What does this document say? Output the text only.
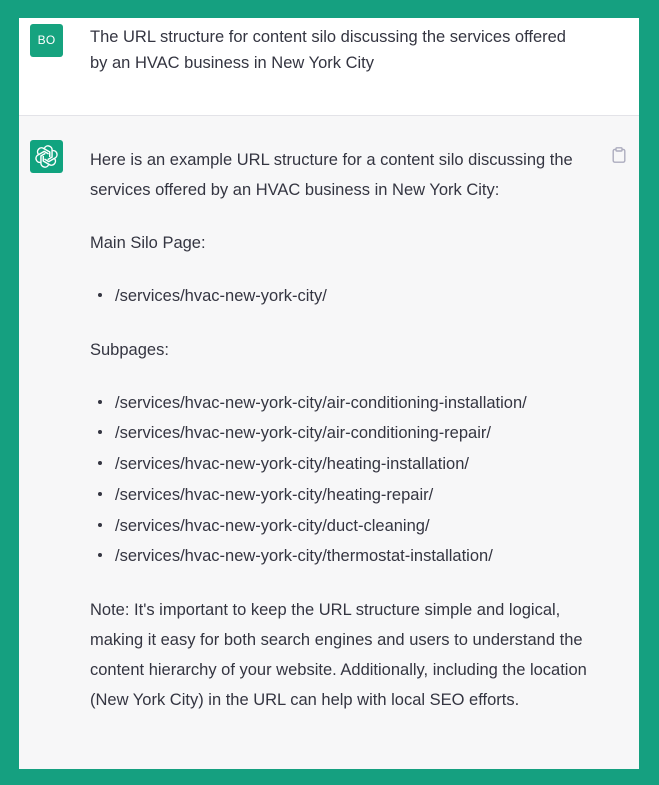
BO	The URL structure for content silo discussing the services offered by an HVAC business in New York City

Here is an example URL structure for a content silo discussing the services offered by an HVAC business in New York City:

Main Silo Page:

/services/hvac-new-york-city/

Subpages:

/services/hvac-new-york-city/air-conditioning-installation/
/services/hvac-new-york-city/air-conditioning-repair/
/services/hvac-new-york-city/heating-installation/
/services/hvac-new-york-city/heating-repair/
/services/hvac-new-york-city/duct-cleaning/
/services/hvac-new-york-city/thermostat-installation/

Note: It's important to keep the URL structure simple and logical, making it easy for both search engines and users to understand the content hierarchy of your website. Additionally, including the location (New York City) in the URL can help with local SEO efforts.
